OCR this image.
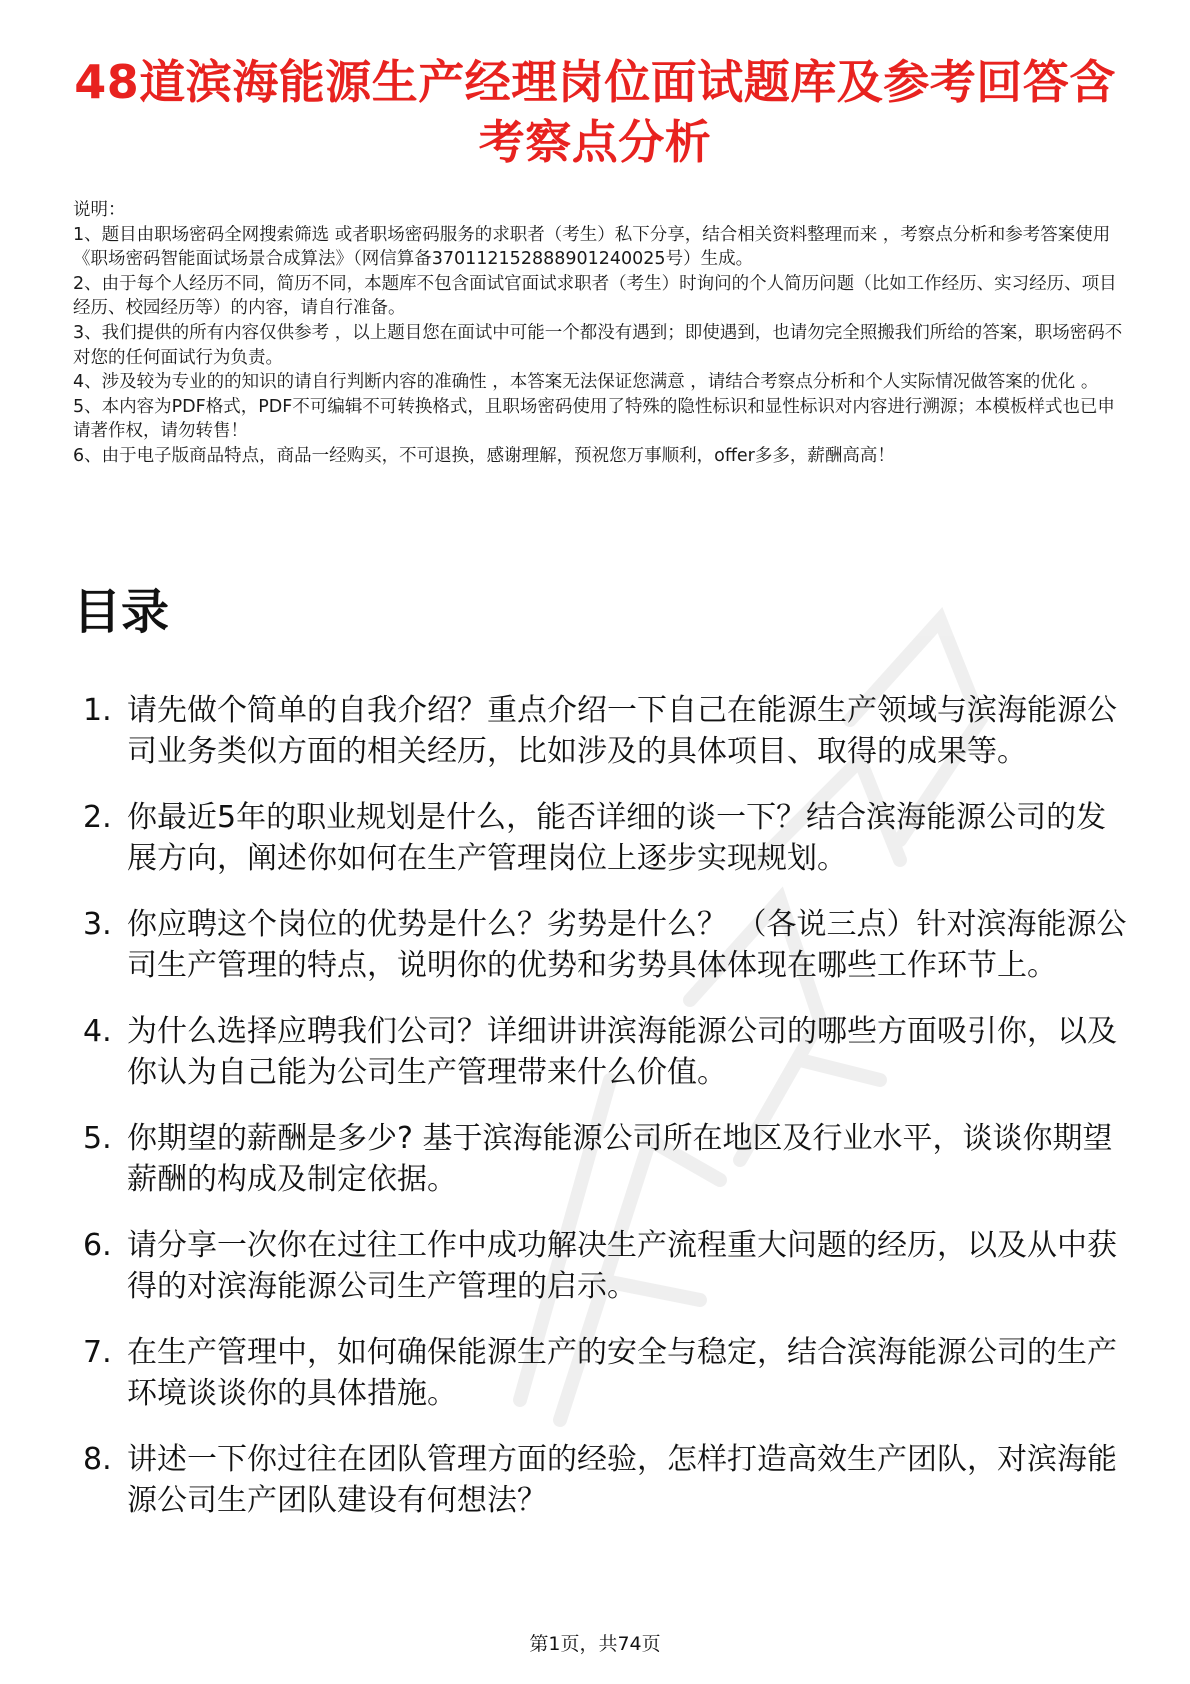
48道滨海能源生产经理岗位面试题库及参考回答含考察点分析

说明：

1、题目由职场密码全网搜索筛选 或者职场密码服务的求职者（考生）私下分享，结合相关资料整理而来 ，考察点分析和参考答案使用《职场密码智能面试场景合成算法》（网信算备370112152888901240025号）生成。

2、由于每个人经历不同，简历不同，本题库不包含面试官面试求职者（考生）时询问的个人简历问题（比如工作经历、实习经历、项目经历、校园经历等）的内容，请自行准备。

3、我们提供的所有内容仅供参考 ，以上题目您在面试中可能一个都没有遇到；即使遇到，也请勿完全照搬我们所给的答案，职场密码不对您的任何面试行为负责。

4、涉及较为专业的的知识的请自行判断内容的准确性 ，本答案无法保证您满意 ，请结合考察点分析和个人实际情况做答案的优化 。

5、本内容为PDF格式，PDF不可编辑不可转换格式，且职场密码使用了特殊的隐性标识和显性标识对内容进行溯源；本模板样式也已申请著作权，请勿转售！

6、由于电子版商品特点，商品一经购买，不可退换，感谢理解，预祝您万事顺利，offer多多，薪酬高高！

目录
1. 请先做个简单的自我介绍？重点介绍一下自己在能源生产领域与滨海能源公司业务类似方面的相关经历，比如涉及的具体项目、取得的成果等。
2. 你最近5年的职业规划是什么，能否详细的谈一下？结合滨海能源公司的发展方向，阐述你如何在生产管理岗位上逐步实现规划。
3. 你应聘这个岗位的优势是什么？劣势是什么？ （各说三点）针对滨海能源公司生产管理的特点，说明你的优势和劣势具体体现在哪些工作环节上。
4. 为什么选择应聘我们公司？详细讲讲滨海能源公司的哪些方面吸引你，以及你认为自己能为公司生产管理带来什么价值。
5. 你期望的薪酬是多少? 基于滨海能源公司所在地区及行业水平，谈谈你期望薪酬的构成及制定依据。
6. 请分享一次你在过往工作中成功解决生产流程重大问题的经历，以及从中获得的对滨海能源公司生产管理的启示。
7. 在生产管理中，如何确保能源生产的安全与稳定，结合滨海能源公司的生产环境谈谈你的具体措施。
8. 讲述一下你过往在团队管理方面的经验，怎样打造高效生产团队，对滨海能源公司生产团队建设有何想法？
第1页，共74页
